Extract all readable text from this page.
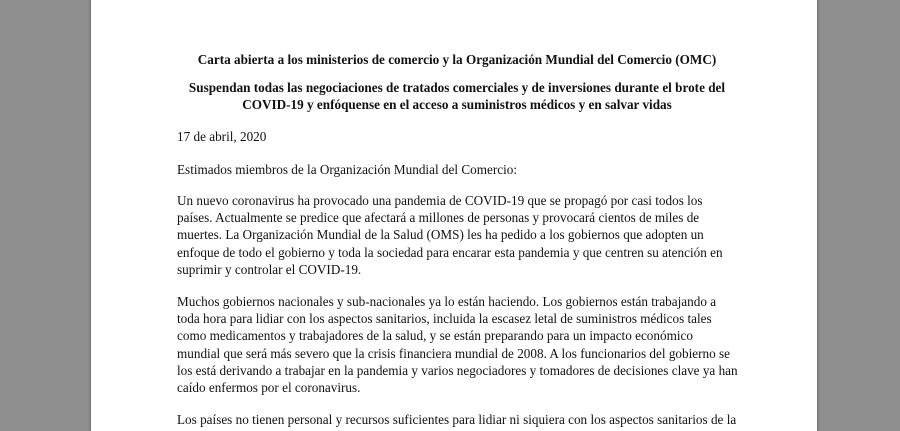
Carta abierta a los ministerios de comercio y la Organización Mundial del Comercio (OMC)
Suspendan todas las negociaciones de tratados comerciales y de inversiones durante el brote del COVID-19 y enfóquense en el acceso a suministros médicos y en salvar vidas
17 de abril, 2020
Estimados miembros de la Organización Mundial del Comercio:
Un nuevo coronavirus ha provocado una pandemia de COVID-19 que se propagó por casi todos los
países. Actualmente se predice que afectará a millones de personas y provocará cientos de miles de
muertes. La Organización Mundial de la Salud (OMS) les ha pedido a los gobiernos que adopten un
enfoque de todo el gobierno y toda la sociedad para encarar esta pandemia y que centren su atención en
suprimir y controlar el COVID-19.
Muchos gobiernos nacionales y sub-nacionales ya lo están haciendo. Los gobiernos están trabajando a
toda hora para lidiar con los aspectos sanitarios, incluida la escasez letal de suministros médicos tales
como medicamentos y trabajadores de la salud, y se están preparando para un impacto económico
mundial que será más severo que la crisis financiera mundial de 2008. A los funcionarios del gobierno se
los está derivando a trabajar en la pandemia y varios negociadores y tomadores de decisiones clave ya han
caído enfermos por el coronavirus.
Los países no tienen personal y recursos suficientes para lidiar ni siquiera con los aspectos sanitarios de la
